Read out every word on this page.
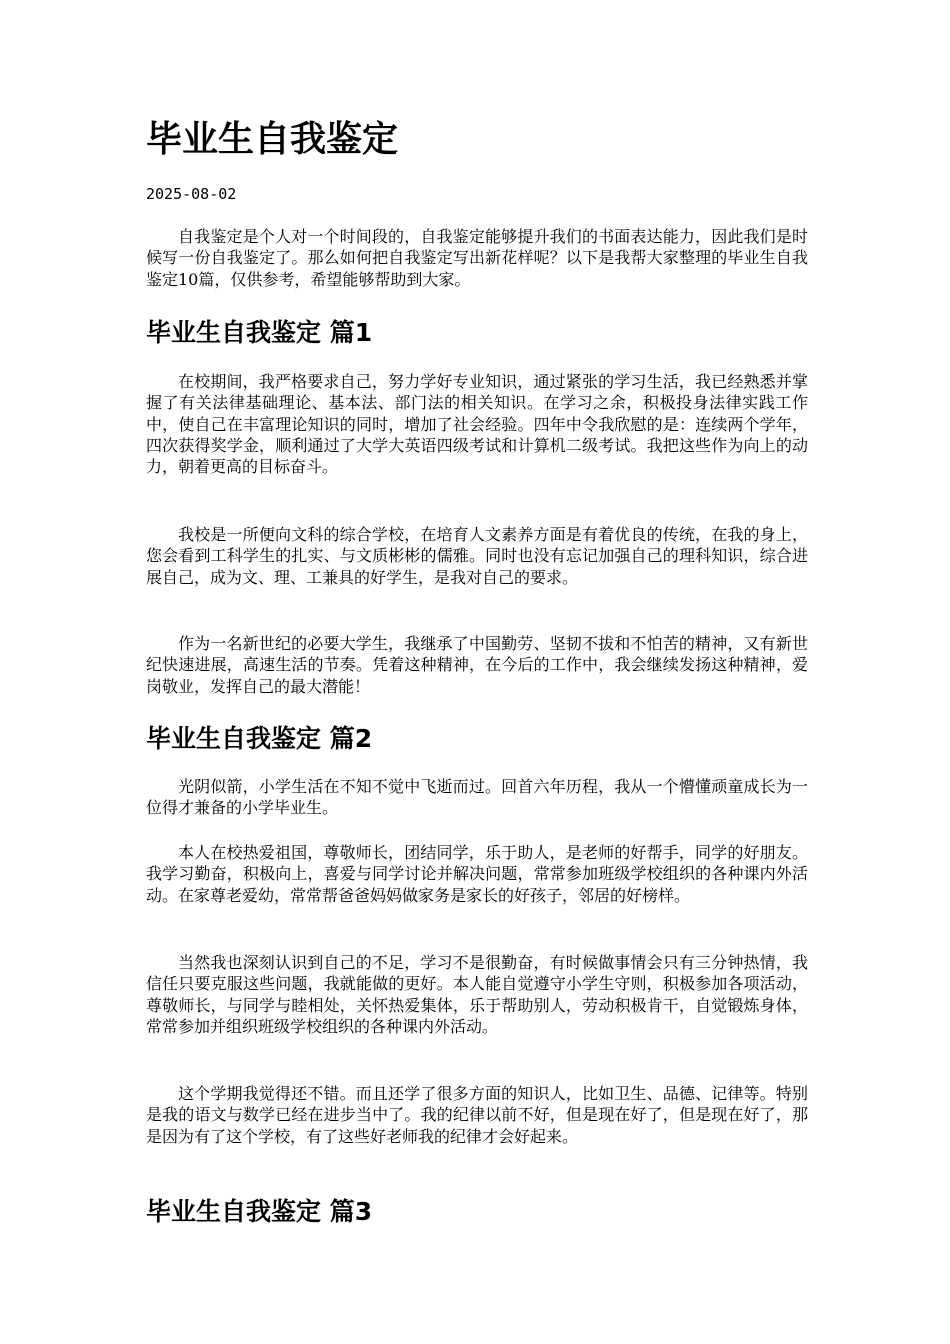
毕业生自我鉴定
2025-08-02

自我鉴定是个人对一个时间段的，自我鉴定能够提升我们的书面表达能力，因此我们是时候写一份自我鉴定了。那么如何把自我鉴定写出新花样呢？以下是我帮大家整理的毕业生自我鉴定10篇，仅供参考，希望能够帮助到大家。

毕业生自我鉴定 篇1

在校期间，我严格要求自己，努力学好专业知识，通过紧张的学习生活，我已经熟悉并掌握了有关法律基础理论、基本法、部门法的相关知识。在学习之余，积极投身法律实践工作中，使自己在丰富理论知识的同时，增加了社会经验。四年中令我欣慰的是：连续两个学年，四次获得奖学金，顺利通过了大学大英语四级考试和计算机二级考试。我把这些作为向上的动力，朝着更高的目标奋斗。

我校是一所便向文科的综合学校，在培育人文素养方面是有着优良的传统，在我的身上，您会看到工科学生的扎实、与文质彬彬的儒雅。同时也没有忘记加强自己的理科知识，综合进展自己，成为文、理、工兼具的好学生，是我对自己的要求。

作为一名新世纪的必要大学生，我继承了中国勤劳、坚韧不拔和不怕苦的精神，又有新世纪快速进展，高速生活的节奏。凭着这种精神，在今后的工作中，我会继续发扬这种精神，爱岗敬业，发挥自己的最大潜能！

毕业生自我鉴定 篇2

光阴似箭，小学生活在不知不觉中飞逝而过。回首六年历程，我从一个懵懂顽童成长为一位得才兼备的小学毕业生。

本人在校热爱祖国，尊敬师长，团结同学，乐于助人，是老师的好帮手，同学的好朋友。我学习勤奋，积极向上，喜爱与同学讨论并解决问题，常常参加班级学校组织的各种课内外活动。在家尊老爱幼，常常帮爸爸妈妈做家务是家长的好孩子，邻居的好榜样。

当然我也深刻认识到自己的不足，学习不是很勤奋，有时候做事情会只有三分钟热情，我信任只要克服这些问题，我就能做的更好。本人能自觉遵守小学生守则，积极参加各项活动，尊敬师长，与同学与睦相处，关怀热爱集体，乐于帮助别人，劳动积极肯干，自觉锻炼身体，常常参加并组织班级学校组织的各种课内外活动。

这个学期我觉得还不错。而且还学了很多方面的知识人，比如卫生、品德、记律等。特别是我的语文与数学已经在进步当中了。我的纪律以前不好，但是现在好了，但是现在好了，那是因为有了这个学校，有了这些好老师我的纪律才会好起来。

毕业生自我鉴定 篇3
